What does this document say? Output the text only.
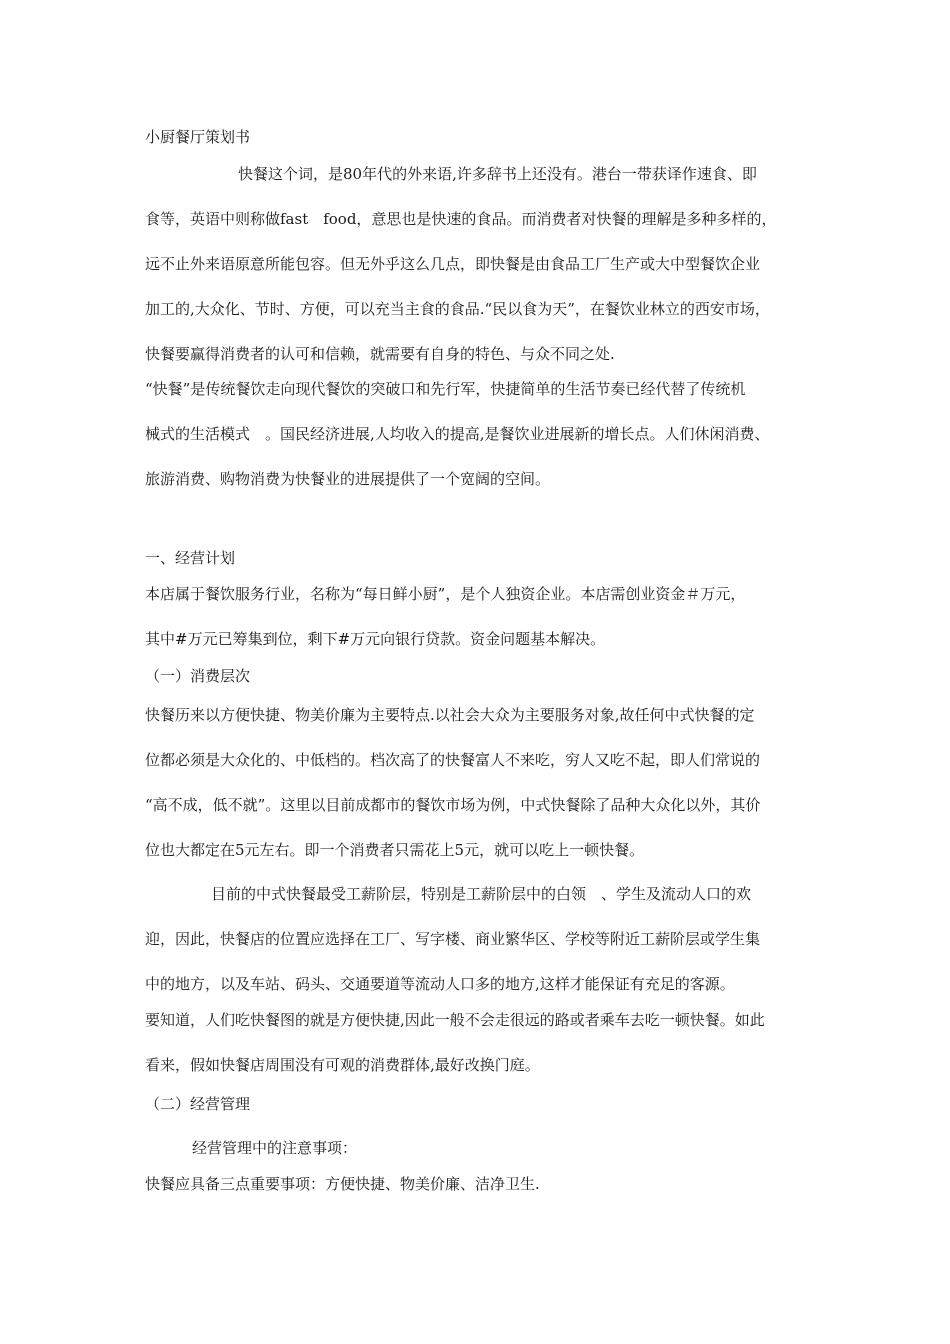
小厨餐厅策划书
快餐这个词，是80年代的外来语,许多辞书上还没有。港台一带获译作速食、即
食等，英语中则称做fast　food，意思也是快速的食品。而消费者对快餐的理解是多种多样的，
远不止外来语原意所能包容。但无外乎这么几点，即快餐是由食品工厂生产或大中型餐饮企业
加工的,大众化、节时、方便，可以充当主食的食品.“民以食为天”，在餐饮业林立的西安市场，
快餐要赢得消费者的认可和信赖，就需要有自身的特色、与众不同之处.
“快餐”是传统餐饮走向现代餐饮的突破口和先行军，快捷简单的生活节奏已经代替了传统机
械式的生活模式　。国民经济进展,人均收入的提高,是餐饮业进展新的增长点。人们休闲消费、
旅游消费、购物消费为快餐业的进展提供了一个宽阔的空间。
一、经营计划
本店属于餐饮服务行业，名称为“每日鲜小厨”，是个人独资企业。本店需创业资金＃万元，
其中#万元已筹集到位，剩下#万元向银行贷款。资金问题基本解决。
（一）消费层次
快餐历来以方便快捷、物美价廉为主要特点.以社会大众为主要服务对象,故任何中式快餐的定
位都必须是大众化的、中低档的。档次高了的快餐富人不来吃，穷人又吃不起，即人们常说的
“高不成，低不就”。这里以目前成都市的餐饮市场为例，中式快餐除了品种大众化以外，其价
位也大都定在5元左右。即一个消费者只需花上5元，就可以吃上一顿快餐。
目前的中式快餐最受工薪阶层，特别是工薪阶层中的白领　、学生及流动人口的欢
迎，因此，快餐店的位置应选择在工厂、写字楼、商业繁华区、学校等附近工薪阶层或学生集
中的地方，以及车站、码头、交通要道等流动人口多的地方,这样才能保证有充足的客源。
要知道，人们吃快餐图的就是方便快捷,因此一般不会走很远的路或者乘车去吃一顿快餐。如此
看来，假如快餐店周围没有可观的消费群体,最好改换门庭。
（二）经营管理
经营管理中的注意事项：
快餐应具备三点重要事项：方便快捷、物美价廉、洁净卫生.
